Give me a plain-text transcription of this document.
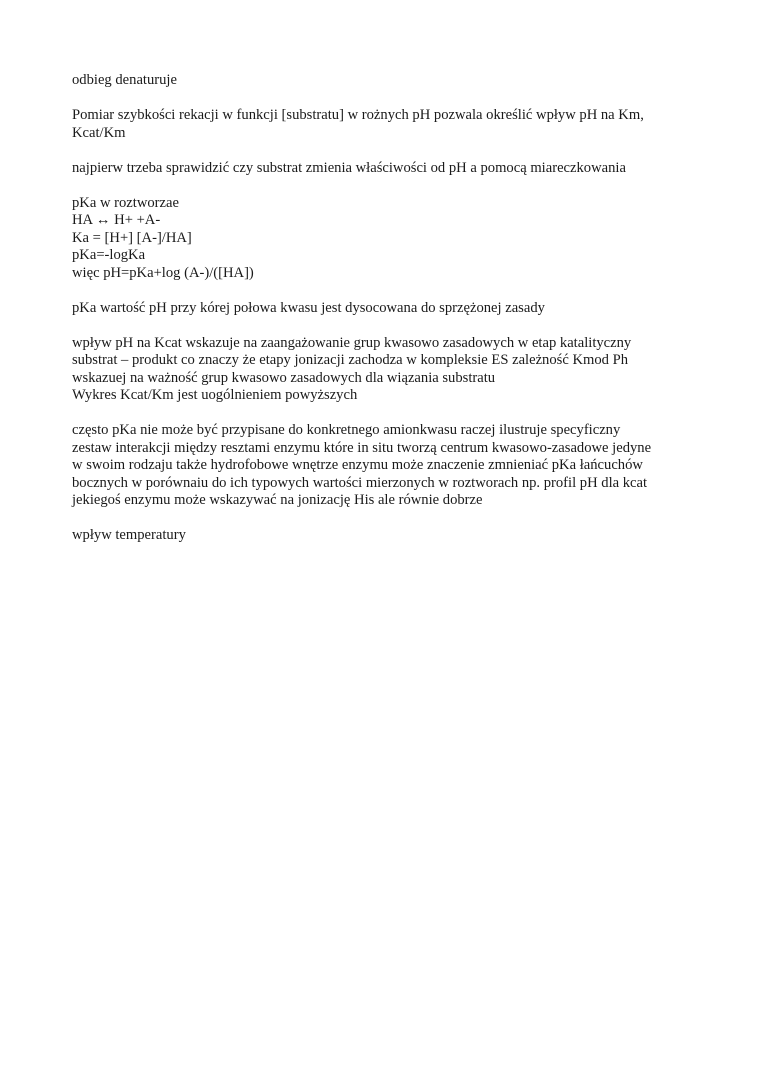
odbieg denaturuje

Pomiar szybkości rekacji w funkcji [substratu] w rożnych pH pozwala określić wpływ pH na Km,
Kcat/Km

najpierw trzeba sprawidzić czy substrat zmienia właściwości od pH a pomocą miareczkowania

pKa w roztworzae
HA ↔ H+ +A-
Ka = [H+] [A-]/HA]
pKa=-logKa
więc pH=pKa+log (A-)/([HA])

pKa wartość pH przy kórej połowa kwasu jest dysocowana do sprzężonej zasady

wpływ pH na Kcat wskazuje na zaangażowanie grup kwasowo zasadowych w etap katalityczny
substrat – produkt co znaczy że etapy jonizacji zachodza w kompleksie ES zależność Kmod Ph
wskazuej na ważność grup kwasowo zasadowych dla wiązania substratu
Wykres Kcat/Km jest uogólnieniem powyższych

często pKa nie może być przypisane do konkretnego amionkwasu raczej ilustruje specyficzny
zestaw interakcji między resztami enzymu które in situ tworzą centrum kwasowo-zasadowe jedyne
w swoim rodzaju także hydrofobowe wnętrze enzymu może znaczenie zmnieniać pKa łańcuchów
bocznych w porównaiu do ich typowych wartości mierzonych w roztworach np. profil pH dla kcat
jekiegoś enzymu może wskazywać na jonizację His ale równie dobrze

wpływ temperatury
